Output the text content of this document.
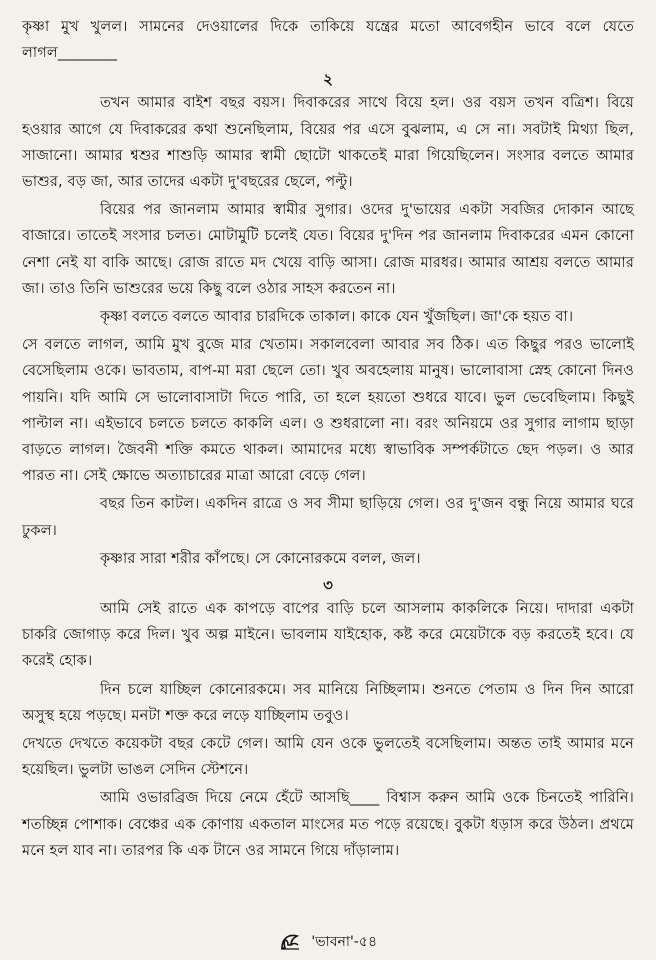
কৃষ্ণা মুখ খুলল। সামনের দেওয়ালের দিকে তাকিয়ে যন্ত্রের মতো আবেগহীন ভাবে বলে যেতে লাগল________

২

তখন আমার বাইশ বছর বয়স। দিবাকরের সাথে বিয়ে হল। ওর বয়স তখন বত্রিশ। বিয়ে হওয়ার আগে যে দিবাকরের কথা শুনেছিলাম, বিয়ের পর এসে বুঝলাম, এ সে না। সবটাই মিথ্যা ছিল, সাজানো। আমার শ্বশুর শাশুড়ি আমার স্বামী ছোটো থাকতেই মারা গিয়েছিলেন। সংসার বলতে আমার ভাশুর, বড় জা, আর তাদের একটা দু'বছরের ছেলে, পল্টু।

বিয়ের পর জানলাম আমার স্বামীর সুগার। ওদের দু'ভায়ের একটা সবজির দোকান আছে বাজারে। তাতেই সংসার চলত। মোটামুটি চলেই যেত। বিয়ের দু'দিন পর জানলাম দিবাকরের এমন কোনো নেশা নেই যা বাকি আছে। রোজ রাতে মদ খেয়ে বাড়ি আসা। রোজ মারধর। আমার আশ্রয় বলতে আমার জা। তাও তিনি ভাশুরের ভয়ে কিছু বলে ওঠার সাহস করতেন না।

কৃষ্ণা বলতে বলতে আবার চারদিকে তাকাল। কাকে যেন খুঁজছিল। জা'কে হয়ত বা।

সে বলতে লাগল, আমি মুখ বুজে মার খেতাম। সকালবেলা আবার সব ঠিক। এত কিছুর পরও ভালোই বেসেছিলাম ওকে। ভাবতাম, বাপ-মা মরা ছেলে তো। খুব অবহেলায় মানুষ। ভালোবাসা স্নেহ কোনো দিনও পায়নি। যদি আমি সে ভালোবাসাটা দিতে পারি, তা হলে হয়তো শুধরে যাবে। ভুল ভেবেছিলাম। কিছুই পাল্টাল না। এইভাবে চলতে চলতে কাকলি এল। ও শুধরালো না। বরং অনিয়মে ওর সুগার লাগাম ছাড়া বাড়তে লাগল। জৈবনী শক্তি কমতে থাকল। আমাদের মধ্যে স্বাভাবিক সম্পর্কটাতে ছেদ পড়ল। ও আর পারত না। সেই ক্ষোভে অত্যাচারের মাত্রা আরো বেড়ে গেল।

বছর তিন কাটল। একদিন রাত্রে ও সব সীমা ছাড়িয়ে গেল। ওর দু'জন বন্ধু নিয়ে আমার ঘরে ঢুকল।

কৃষ্ণার সারা শরীর কাঁপছে। সে কোনোরকমে বলল, জল।

৩

আমি সেই রাতে এক কাপড়ে বাপের বাড়ি চলে আসলাম কাকলিকে নিয়ে। দাদারা একটা চাকরি জোগাড় করে দিল। খুব অল্প মাইনে। ভাবলাম যাইহোক, কষ্ট করে মেয়েটাকে বড় করতেই হবে। যে করেই হোক।

দিন চলে যাচ্ছিল কোনোরকমে। সব মানিয়ে নিচ্ছিলাম। শুনতে পেতাম ও দিন দিন আরো অসুস্থ হয়ে পড়ছে। মনটা শক্ত করে লড়ে যাচ্ছিলাম তবুও।

দেখতে দেখতে কয়েকটা বছর কেটে গেল। আমি যেন ওকে ভুলতেই বসেছিলাম। অন্তত তাই আমার মনে হয়েছিল। ভুলটা ভাঙল সেদিন স্টেশনে।

আমি ওভারব্রিজ দিয়ে নেমে হেঁটে আসছি____ বিশ্বাস করুন আমি ওকে চিনতেই পারিনি। শতচ্ছিন্ন পোশাক। বেঞ্চের এক কোণায় একতাল মাংসের মত পড়ে রয়েছে। বুকটা ধড়াস করে উঠল। প্রথমে মনে হল যাব না। তারপর কি এক টানে ওর সামনে গিয়ে দাঁড়ালাম।

'ভাবনা'-৫৪
